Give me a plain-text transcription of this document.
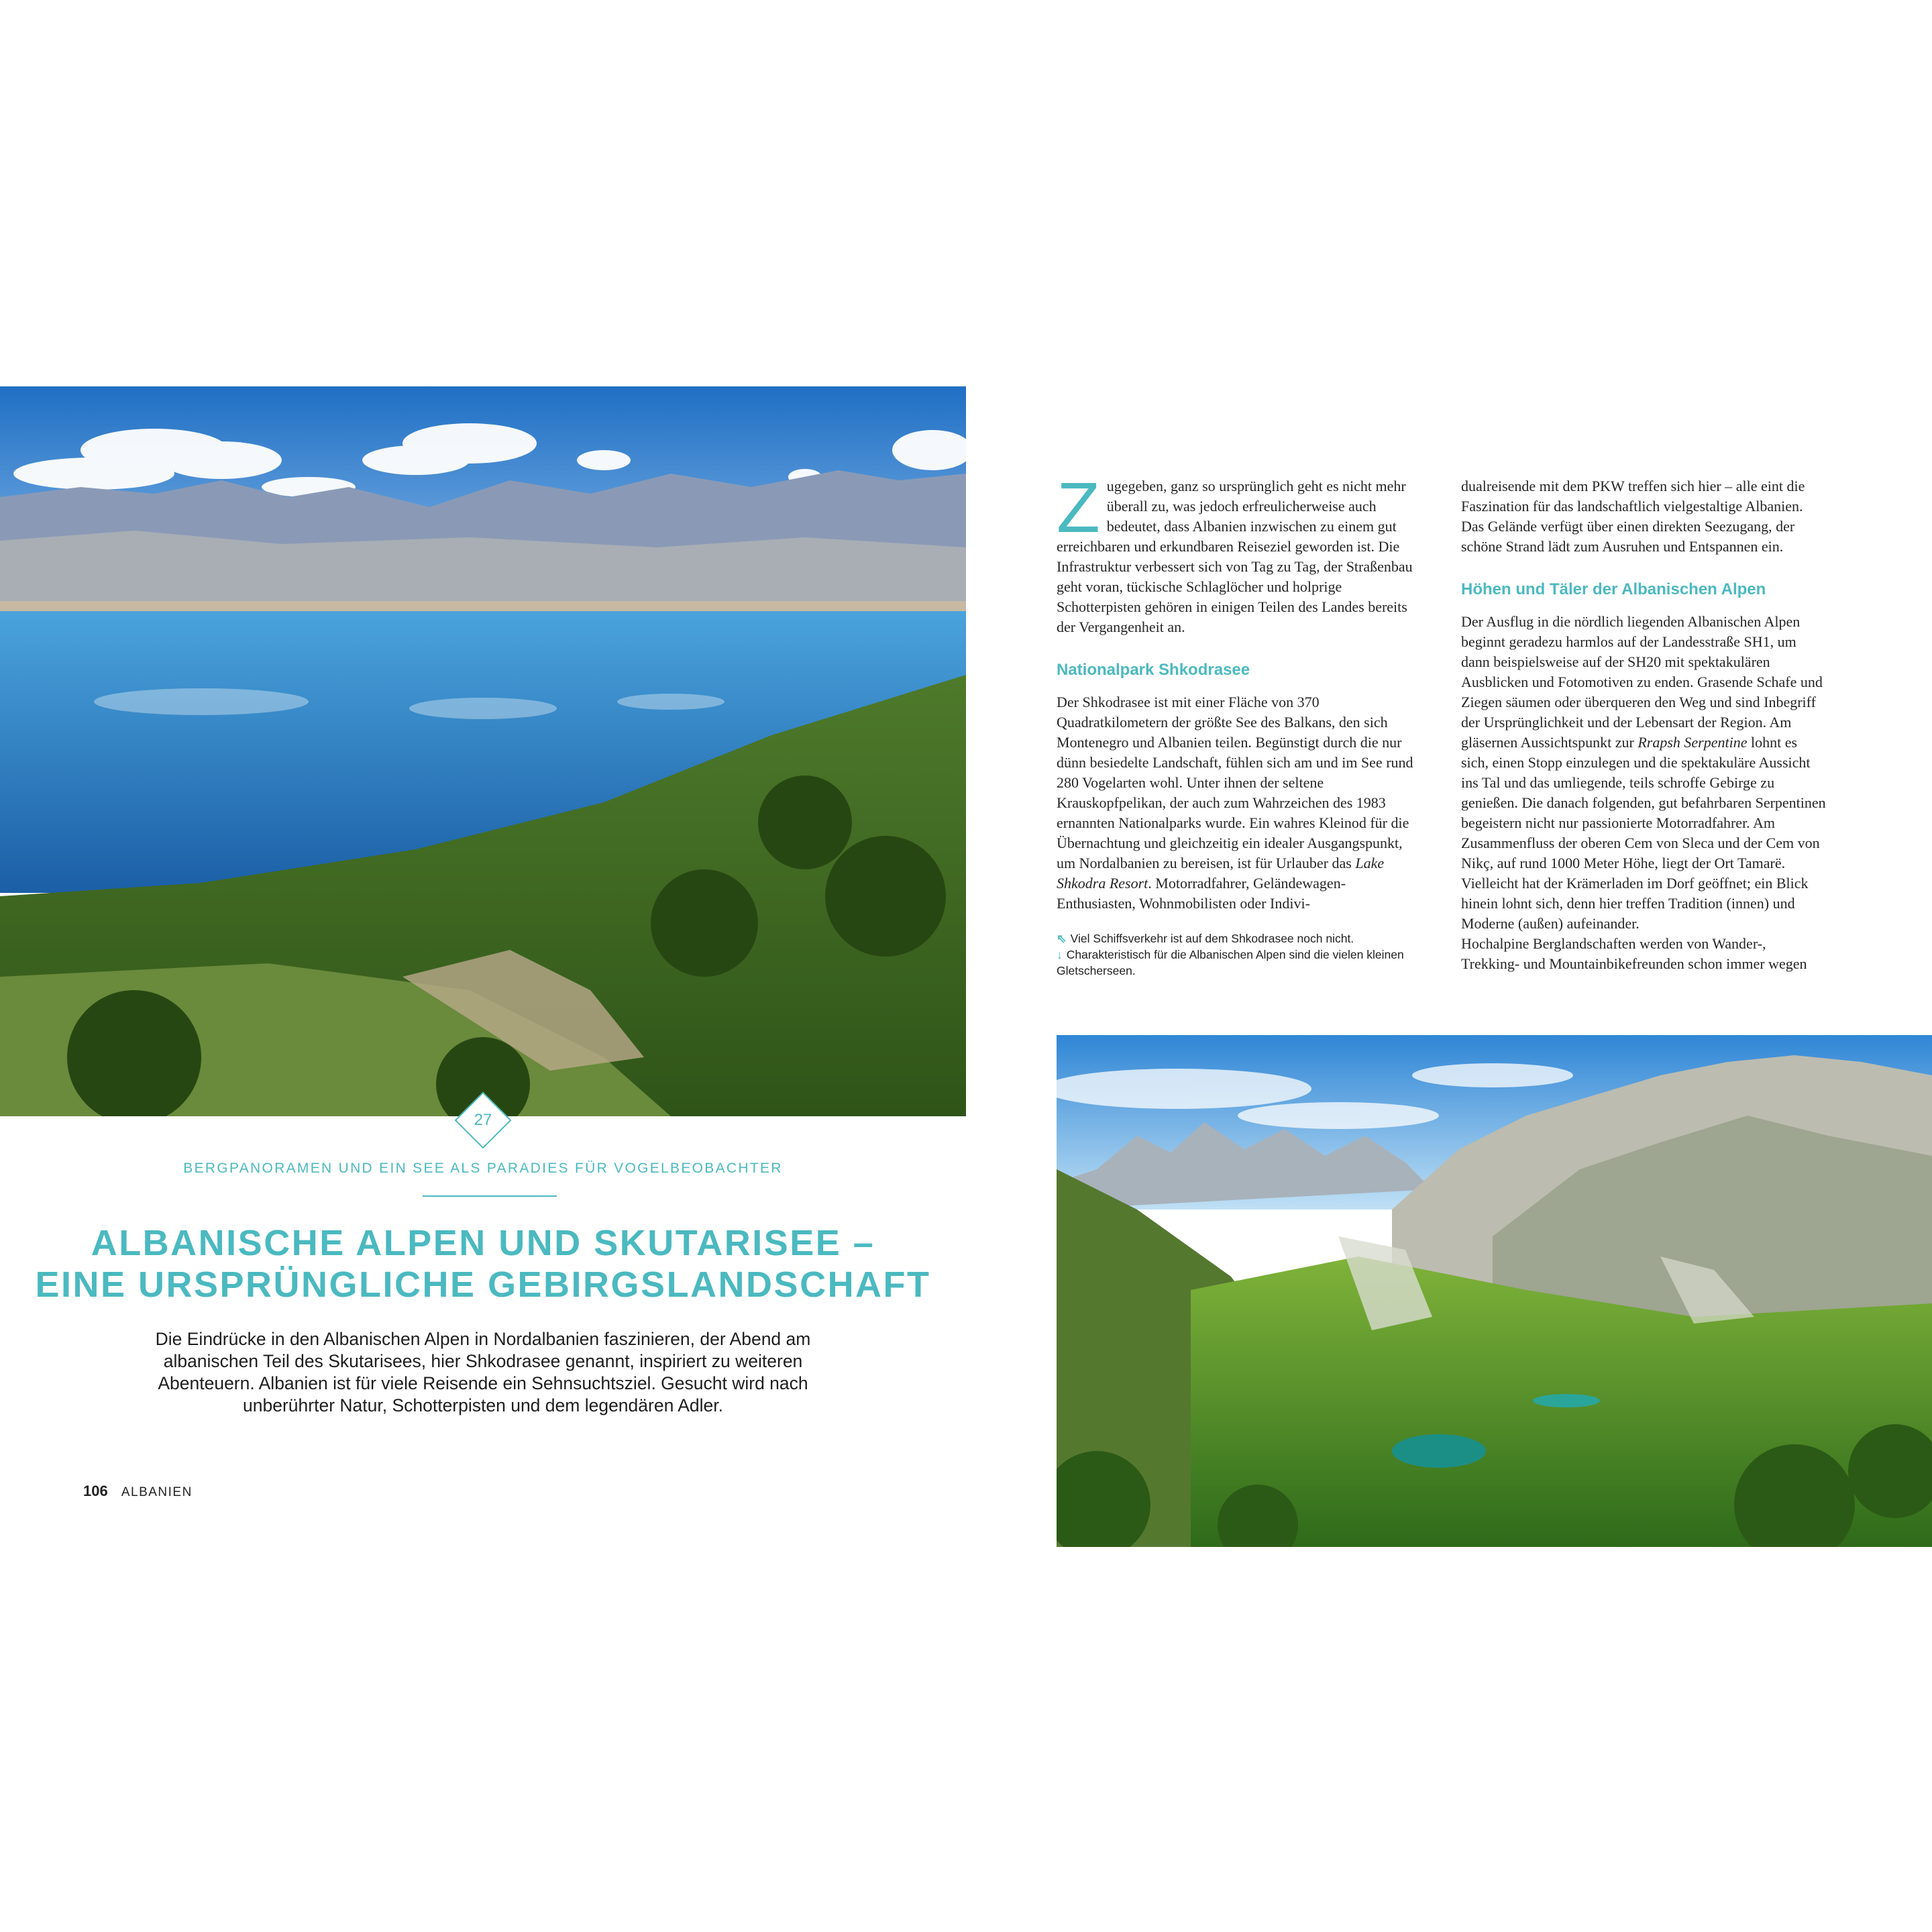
27
BERGPANORAMEN UND EIN SEE ALS PARADIES FÜR VOGELBEOBACHTER
ALBANISCHE ALPEN UND SKUTARISEE –
EINE URSPRÜNGLICHE GEBIRGSLANDSCHAFT
Die Eindrücke in den Albanischen Alpen in Nordalbanien faszinieren, der Abend am albanischen Teil des Skutarisees, hier Shkodrasee genannt, inspiriert zu weiteren Abenteuern. Albanien ist für viele Reisende ein Sehnsuchtsziel. Gesucht wird nach unberührter Natur, Schotterpisten und dem legendären Adler.
106 ALBANIEN

Zugegeben, ganz so ursprünglich geht es nicht mehr überall zu, was jedoch erfreulicherweise auch bedeutet, dass Albanien inzwischen zu einem gut erreichbaren und erkundbaren Reiseziel geworden ist. Die Infrastruktur verbessert sich von Tag zu Tag, der Straßenbau geht voran, tückische Schlaglöcher und holprige Schotterpisten gehören in einigen Teilen des Landes bereits der Vergangenheit an.

Nationalpark Shkodrasee

Der Shkodrasee ist mit einer Fläche von 370 Quadratkilometern der größte See des Balkans, den sich Montenegro und Albanien teilen. Begünstigt durch die nur dünn besiedelte Landschaft, fühlen sich am und im See rund 280 Vogelarten wohl. Unter ihnen der seltene Krauskopfpelikan, der auch zum Wahrzeichen des 1983 ernannten Nationalparks wurde. Ein wahres Kleinod für die Übernachtung und gleichzeitig ein idealer Ausgangspunkt, um Nordalbanien zu bereisen, ist für Urlauber das Lake Shkodra Resort. Motorradfahrer, Geländewagen-Enthusiasten, Wohnmobilisten oder Indivi-

⇖ Viel Schiffsverkehr ist auf dem Shkodrasee noch nicht.
↓ Charakteristisch für die Albanischen Alpen sind die vielen kleinen Gletscherseen.

dualreisende mit dem PKW treffen sich hier – alle eint die Faszination für das landschaftlich vielgestaltige Albanien. Das Gelände verfügt über einen direkten Seezugang, der schöne Strand lädt zum Ausruhen und Entspannen ein.

Höhen und Täler der Albanischen Alpen

Der Ausflug in die nördlich liegenden Albanischen Alpen beginnt geradezu harmlos auf der Landesstraße SH1, um dann beispielsweise auf der SH20 mit spektakulären Ausblicken und Fotomotiven zu enden. Grasende Schafe und Ziegen säumen oder überqueren den Weg und sind Inbegriff der Ursprünglichkeit und der Lebensart der Region. Am gläsernen Aussichtspunkt zur Rrapsh Serpentine lohnt es sich, einen Stopp einzulegen und die spektakuläre Aussicht ins Tal und das umliegende, teils schroffe Gebirge zu genießen. Die danach folgenden, gut befahrbaren Serpentinen begeistern nicht nur passionierte Motorradfahrer. Am Zusammenfluss der oberen Cem von Sleca und der Cem von Nikç, auf rund 1000 Meter Höhe, liegt der Ort Tamarë. Vielleicht hat der Krämerladen im Dorf geöffnet; ein Blick hinein lohnt sich, denn hier treffen Tradition (innen) und Moderne (außen) aufeinander.

Hochalpine Berglandschaften werden von Wander-, Trekking- und Mountainbikefreunden schon immer wegen
